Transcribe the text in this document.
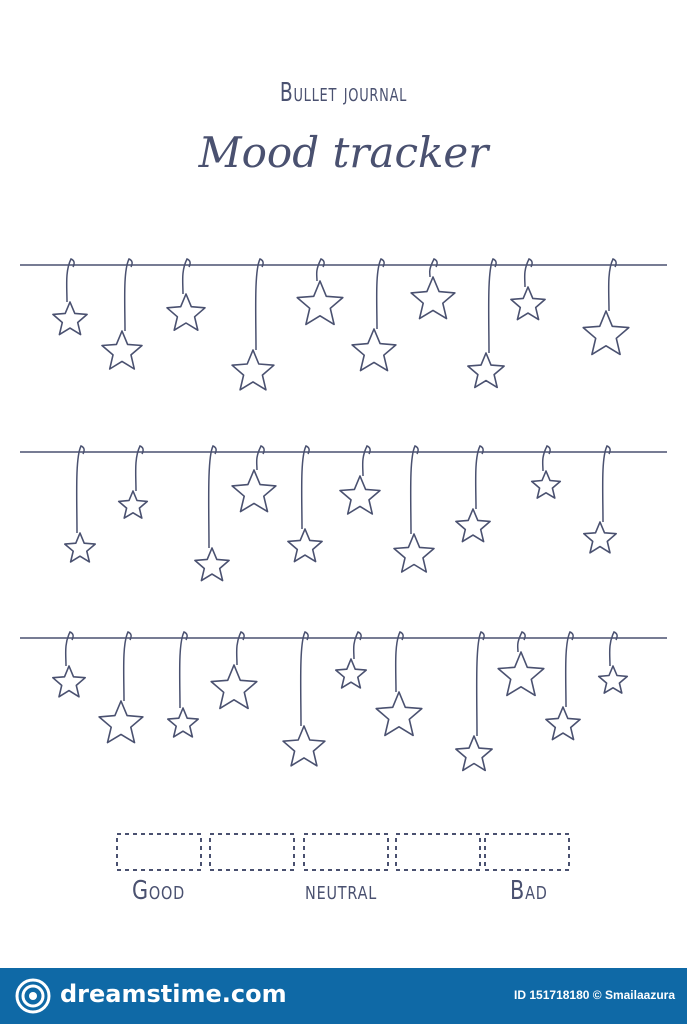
Bullet journal
Mood tracker
Good	neutral	Bad
dreamstime.com	ID 151718180 © Smailaazura
